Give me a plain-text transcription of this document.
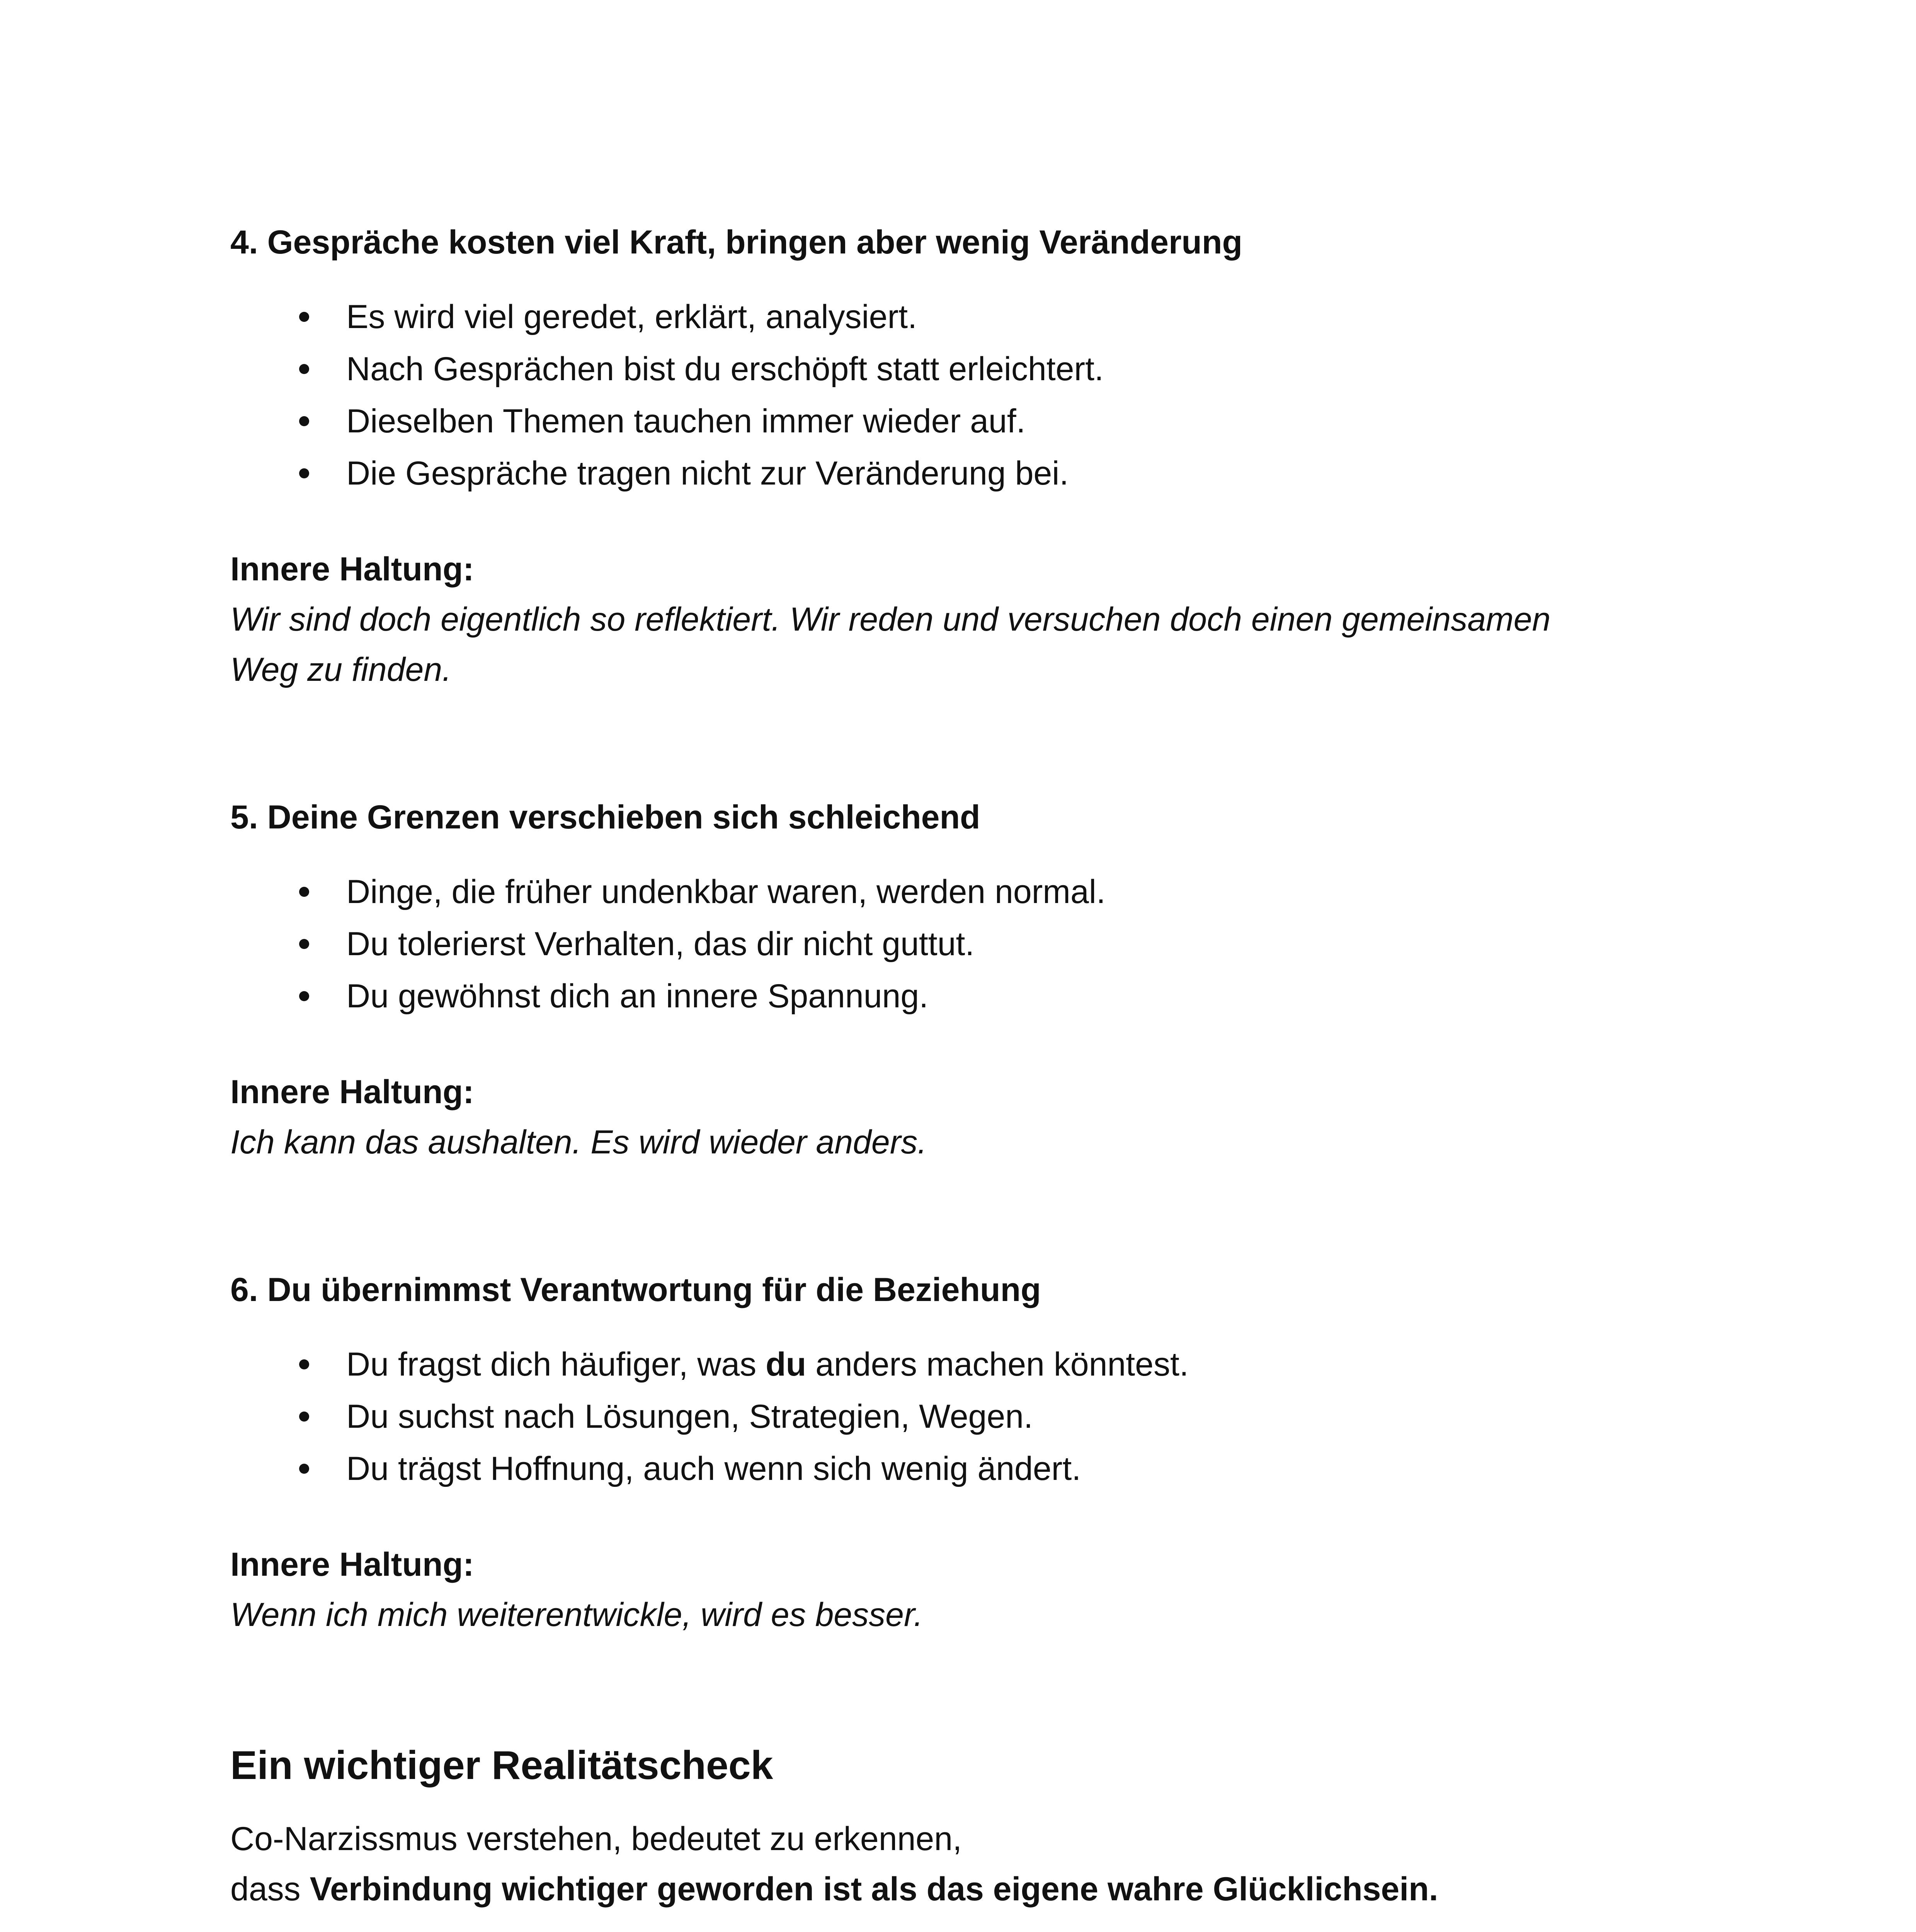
4. Gespräche kosten viel Kraft, bringen aber wenig Veränderung

Es wird viel geredet, erklärt, analysiert.
Nach Gesprächen bist du erschöpft statt erleichtert.
Dieselben Themen tauchen immer wieder auf.
Die Gespräche tragen nicht zur Veränderung bei.

Innere Haltung:

Wir sind doch eigentlich so reflektiert. Wir reden und versuchen doch einen gemeinsamen
Weg zu finden.

5. Deine Grenzen verschieben sich schleichend

Dinge, die früher undenkbar waren, werden normal.
Du tolerierst Verhalten, das dir nicht guttut.
Du gewöhnst dich an innere Spannung.

Innere Haltung:

Ich kann das aushalten. Es wird wieder anders.

6. Du übernimmst Verantwortung für die Beziehung

Du fragst dich häufiger, was du anders machen könntest.
Du suchst nach Lösungen, Strategien, Wegen.
Du trägst Hoffnung, auch wenn sich wenig ändert.

Innere Haltung:

Wenn ich mich weiterentwickle, wird es besser.

Ein wichtiger Realitätscheck

Co-Narzissmus verstehen, bedeutet zu erkennen,
dass Verbindung wichtiger geworden ist als das eigene wahre Glücklichsein.
